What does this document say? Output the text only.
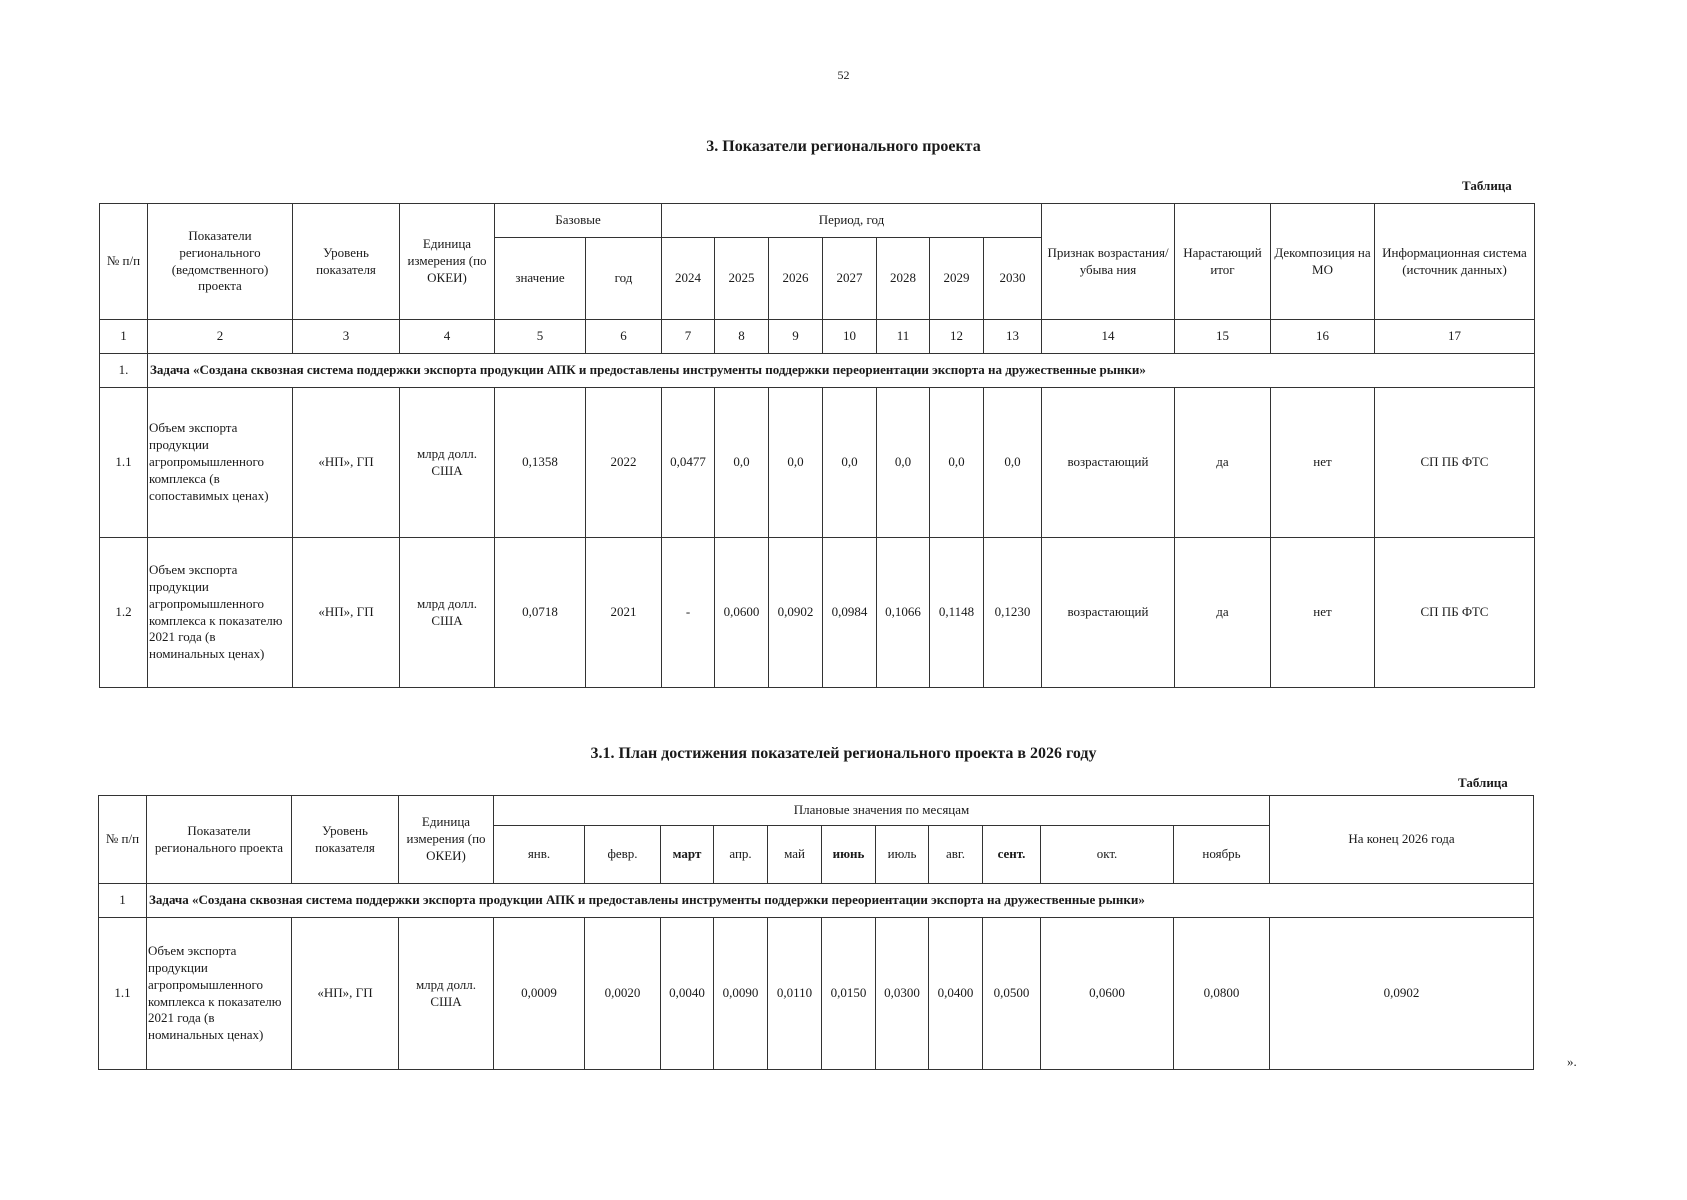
52
3. Показатели регионального проекта
Таблица
№ п/п	Показатели регионального (ведомственного) проекта	Уровень показателя	Единица измерения (по ОКЕИ)	Базовые		Период, год							Признак возрастания/убыва ния	Нарастающий итог	Декомпозиция на МО	Информационная система (источник данных)
				значение	год	2024	2025	2026	2027	2028	2029	2030				
1	2	3	4	5	6	7	8	9	10	11	12	13	14	15	16	17
1.	Задача «Создана сквозная система поддержки экспорта продукции АПК и предоставлены инструменты поддержки переориентации экспорта на дружественные рынки»															
1.1	Объем экспорта продукции агропромышленного комплекса (в сопоставимых ценах)	«НП», ГП	млрд долл. США	0,1358	2022	0,0477	0,0	0,0	0,0	0,0	0,0	0,0	возрастающий	да	нет	СП ПБ ФТС
1.2	Объем экспорта продукции агропромышленного комплекса к показателю 2021 года (в номинальных ценах)	«НП», ГП	млрд долл. США	0,0718	2021	-	0,0600	0,0902	0,0984	0,1066	0,1148	0,1230	возрастающий	да	нет	СП ПБ ФТС
3.1. План достижения показателей регионального проекта в 2026 году
Таблица
№ п/п	Показатели регионального проекта	Уровень показателя	Единица измерения (по ОКЕИ)	Плановые значения по месяцам											На конец 2026 года
				янв.	февр.	март	апр.	май	июнь	июль	авг.	сент.	окт.	ноябрь	
1	Задача «Создана сквозная система поддержки экспорта продукции АПК и предоставлены инструменты поддержки переориентации экспорта на дружественные рынки»														
1.1	Объем экспорта продукции агропромышленного комплекса к показателю 2021 года (в номинальных ценах)	«НП», ГП	млрд долл. США	0,0009	0,0020	0,0040	0,0090	0,0110	0,0150	0,0300	0,0400	0,0500	0,0600	0,0800	0,0902
».
